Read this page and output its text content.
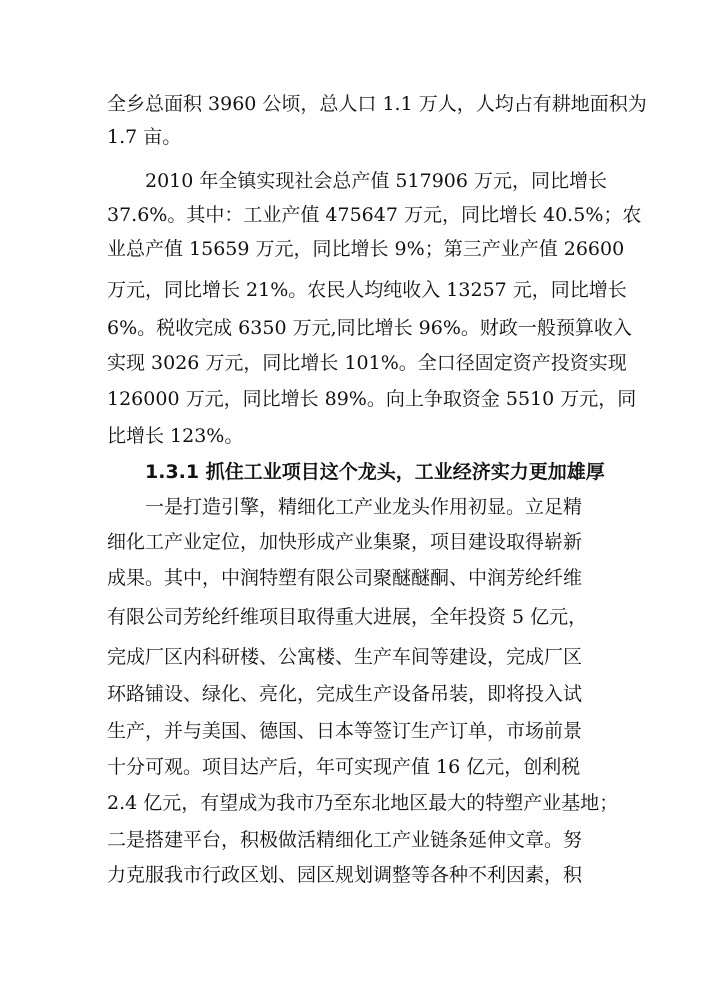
全乡总面积 3960 公顷，总人口 1.1 万人，人均占有耕地面积为
1.7 亩。
2010 年全镇实现社会总产值 517906 万元，同比增长
37.6%。其中：工业产值 475647 万元，同比增长 40.5%；农
业总产值 15659 万元，同比增长 9%；第三产业产值 26600
万元，同比增长 21%。农民人均纯收入 13257 元，同比增长
6%。税收完成 6350 万元,同比增长 96%。财政一般预算收入
实现 3026 万元，同比增长 101%。全口径固定资产投资实现
126000 万元，同比增长 89%。向上争取资金 5510 万元，同
比增长 123%。
1.3.1 抓住工业项目这个龙头，工业经济实力更加雄厚
一是打造引擎，精细化工产业龙头作用初显。立足精
细化工产业定位，加快形成产业集聚，项目建设取得崭新
成果。其中，中润特塑有限公司聚醚醚酮、中润芳纶纤维
有限公司芳纶纤维项目取得重大进展，全年投资 5 亿元，
完成厂区内科研楼、公寓楼、生产车间等建设，完成厂区
环路铺设、绿化、亮化，完成生产设备吊装，即将投入试
生产，并与美国、德国、日本等签订生产订单，市场前景
十分可观。项目达产后，年可实现产值 16 亿元，创利税
2.4 亿元，有望成为我市乃至东北地区最大的特塑产业基地；
二是搭建平台，积极做活精细化工产业链条延伸文章。努
力克服我市行政区划、园区规划调整等各种不利因素，积
